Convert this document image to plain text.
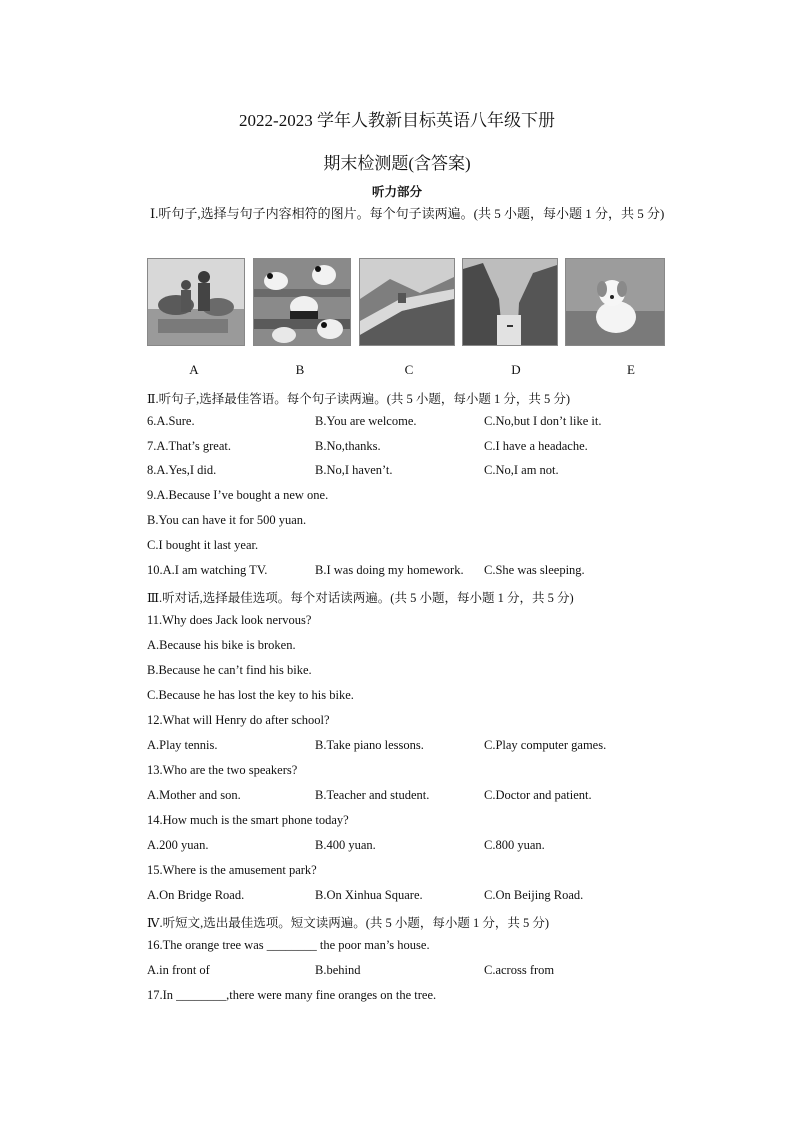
2022-2023 学年人教新目标英语八年级下册
期末检测题(含答案)
听力部分
Ⅰ.听句子,选择与句子内容相符的图片。每个句子读两遍。(共 5 小题，每小题 1 分，共 5 分)
A	B	C	D	E
Ⅱ.听句子,选择最佳答语。每个句子读两遍。(共 5 小题，每小题 1 分，共 5 分)
6.A.Sure.	B.You are welcome.	C.No,but I don’t like it.
7.A.That’s great.	B.No,thanks.	C.I have a headache.
8.A.Yes,I did.	B.No,I haven’t.	C.No,I am not.
9.A.Because I’ve bought a new one.
B.You can have it for 500 yuan.
C.I bought it last year.
10.A.I am watching TV.	B.I was doing my homework. C.She was sleeping.
Ⅲ.听对话,选择最佳选项。每个对话读两遍。(共 5 小题，每小题 1 分，共 5 分)
11.Why does Jack look nervous?
A.Because his bike is broken.
B.Because he can’t find his bike.
C.Because he has lost the key to his bike.
12.What will Henry do after school?
A.Play tennis.	B.Take piano lessons.	C.Play computer games.
13.Who are the two speakers?
A.Mother and son.	B.Teacher and student.	C.Doctor and patient.
14.How much is the smart phone today?
A.200 yuan.	B.400 yuan.	C.800 yuan.
15.Where is the amusement park?
A.On Bridge Road.	B.On Xinhua Square.	C.On Beijing Road.
Ⅳ.听短文,选出最佳选项。短文读两遍。(共 5 小题，每小题 1 分，共 5 分)
16.The orange tree was ________ the poor man’s house.
A.in front of	B.behind	C.across from
17.In ________,there were many fine oranges on the tree.
